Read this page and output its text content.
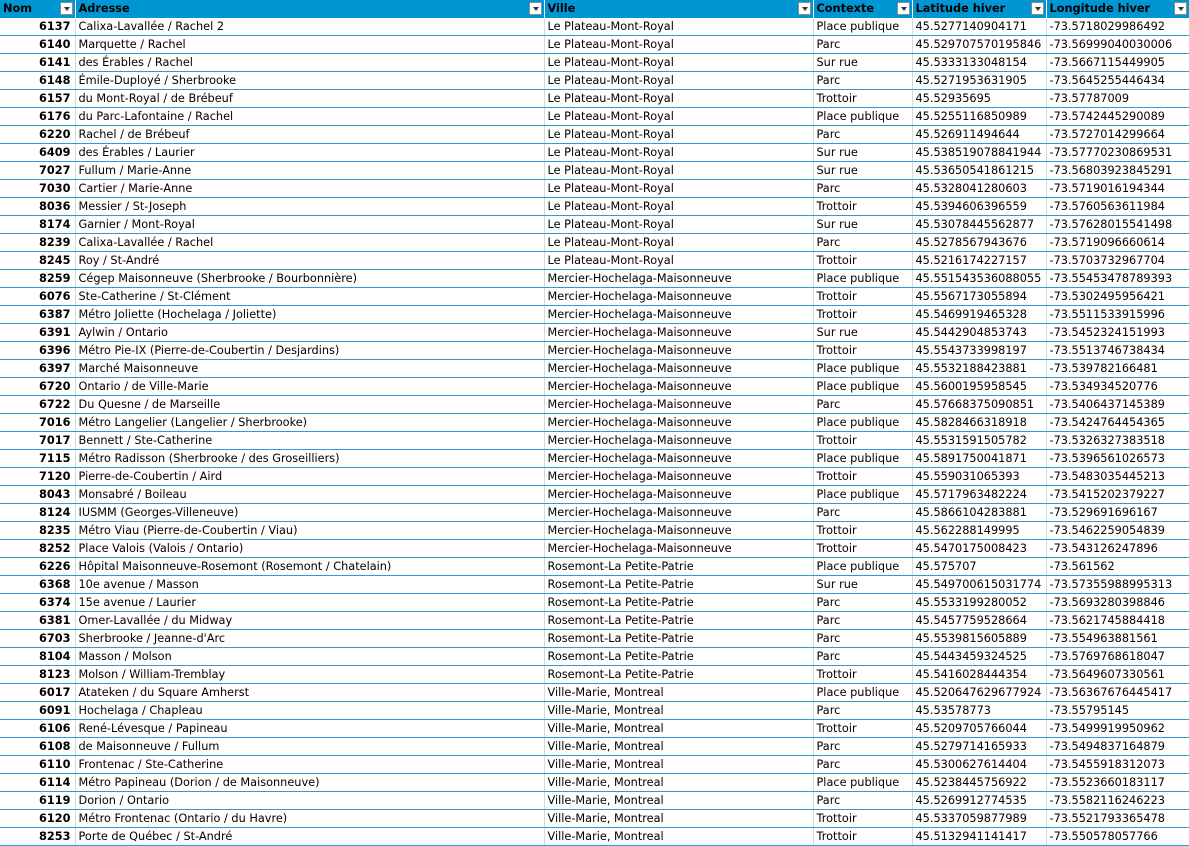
Nom	Adresse	Ville	Contexte	Latitude hiver	Longitude hiver

6137	Calixa-Lavallée / Rachel 2	Le Plateau-Mont-Royal	Place publique	45.5277140904171	-73.5718029986492
6140	Marquette / Rachel	Le Plateau-Mont-Royal	Parc	45.529707570195846	-73.56999040030006
6141	des Érables / Rachel	Le Plateau-Mont-Royal	Sur rue	45.5333133048154	-73.5667115449905
6148	Émile-Duployé / Sherbrooke	Le Plateau-Mont-Royal	Parc	45.5271953631905	-73.5645255446434
6157	du Mont-Royal / de Brébeuf	Le Plateau-Mont-Royal	Trottoir	45.52935695	-73.57787009
6176	du Parc-Lafontaine / Rachel	Le Plateau-Mont-Royal	Place publique	45.5255116850989	-73.5742445290089
6220	Rachel / de Brébeuf	Le Plateau-Mont-Royal	Parc	45.526911494644	-73.5727014299664
6409	des Érables / Laurier	Le Plateau-Mont-Royal	Sur rue	45.538519078841944	-73.57770230869531
7027	Fullum / Marie-Anne	Le Plateau-Mont-Royal	Sur rue	45.53650541861215	-73.56803923845291
7030	Cartier / Marie-Anne	Le Plateau-Mont-Royal	Parc	45.5328041280603	-73.5719016194344
8036	Messier / St-Joseph	Le Plateau-Mont-Royal	Trottoir	45.5394606396559	-73.5760563611984
8174	Garnier / Mont-Royal	Le Plateau-Mont-Royal	Sur rue	45.53078445562877	-73.57628015541498
8239	Calixa-Lavallée / Rachel	Le Plateau-Mont-Royal	Parc	45.5278567943676	-73.5719096660614
8245	Roy / St-André	Le Plateau-Mont-Royal	Trottoir	45.5216174227157	-73.5703732967704
8259	Cégep Maisonneuve (Sherbrooke / Bourbonnière)	Mercier-Hochelaga-Maisonneuve	Place publique	45.551543536088055	-73.55453478789393
6076	Ste-Catherine / St-Clément	Mercier-Hochelaga-Maisonneuve	Trottoir	45.5567173055894	-73.5302495956421
6387	Métro Joliette (Hochelaga / Joliette)	Mercier-Hochelaga-Maisonneuve	Trottoir	45.5469919465328	-73.5511533915996
6391	Aylwin / Ontario	Mercier-Hochelaga-Maisonneuve	Sur rue	45.5442904853743	-73.5452324151993
6396	Métro Pie-IX (Pierre-de-Coubertin / Desjardins)	Mercier-Hochelaga-Maisonneuve	Trottoir	45.5543733998197	-73.5513746738434
6397	Marché Maisonneuve	Mercier-Hochelaga-Maisonneuve	Place publique	45.5532188423881	-73.539782166481
6720	Ontario / de Ville-Marie	Mercier-Hochelaga-Maisonneuve	Place publique	45.5600195958545	-73.534934520776
6722	Du Quesne / de Marseille	Mercier-Hochelaga-Maisonneuve	Parc	45.57668375090851	-73.5406437145389
7016	Métro Langelier (Langelier / Sherbrooke)	Mercier-Hochelaga-Maisonneuve	Place publique	45.5828466318918	-73.5424764454365
7017	Bennett / Ste-Catherine	Mercier-Hochelaga-Maisonneuve	Trottoir	45.5531591505782	-73.5326327383518
7115	Métro Radisson (Sherbrooke / des Groseilliers)	Mercier-Hochelaga-Maisonneuve	Place publique	45.5891750041871	-73.5396561026573
7120	Pierre-de-Coubertin / Aird	Mercier-Hochelaga-Maisonneuve	Trottoir	45.559031065393	-73.5483035445213
8043	Monsabré / Boileau	Mercier-Hochelaga-Maisonneuve	Place publique	45.5717963482224	-73.5415202379227
8124	IUSMM (Georges-Villeneuve)	Mercier-Hochelaga-Maisonneuve	Parc	45.5866104283881	-73.529691696167
8235	Métro Viau (Pierre-de-Coubertin / Viau)	Mercier-Hochelaga-Maisonneuve	Trottoir	45.562288149995	-73.5462259054839
8252	Place Valois (Valois / Ontario)	Mercier-Hochelaga-Maisonneuve	Trottoir	45.5470175008423	-73.543126247896
6226	Hôpital Maisonneuve-Rosemont (Rosemont / Chatelain)	Rosemont-La Petite-Patrie	Place publique	45.575707	-73.561562
6368	10e avenue / Masson	Rosemont-La Petite-Patrie	Sur rue	45.549700615031774	-73.57355988995313
6374	15e avenue / Laurier	Rosemont-La Petite-Patrie	Parc	45.5533199280052	-73.5693280398846
6381	Omer-Lavallée / du Midway	Rosemont-La Petite-Patrie	Parc	45.5457759528664	-73.5621745884418
6703	Sherbrooke / Jeanne-d'Arc	Rosemont-La Petite-Patrie	Parc	45.5539815605889	-73.554963881561
8104	Masson / Molson	Rosemont-La Petite-Patrie	Parc	45.5443459324525	-73.5769768618047
8123	Molson / William-Tremblay	Rosemont-La Petite-Patrie	Trottoir	45.5416028444354	-73.5649607330561
6017	Atateken / du Square Amherst	Ville-Marie, Montreal	Place publique	45.520647629677924	-73.56367676445417
6091	Hochelaga / Chapleau	Ville-Marie, Montreal	Parc	45.53578773	-73.55795145
6106	René-Lévesque / Papineau	Ville-Marie, Montreal	Trottoir	45.5209705766044	-73.5499919950962
6108	de Maisonneuve / Fullum	Ville-Marie, Montreal	Parc	45.5279714165933	-73.5494837164879
6110	Frontenac / Ste-Catherine	Ville-Marie, Montreal	Parc	45.5300627614404	-73.5455918312073
6114	Métro Papineau (Dorion / de Maisonneuve)	Ville-Marie, Montreal	Place publique	45.5238445756922	-73.5523660183117
6119	Dorion / Ontario	Ville-Marie, Montreal	Parc	45.5269912774535	-73.5582116246223
6120	Métro Frontenac (Ontario / du Havre)	Ville-Marie, Montreal	Trottoir	45.5337059877989	-73.5521793365478
8253	Porte de Québec / St-André	Ville-Marie, Montreal	Trottoir	45.5132941141417	-73.550578057766
